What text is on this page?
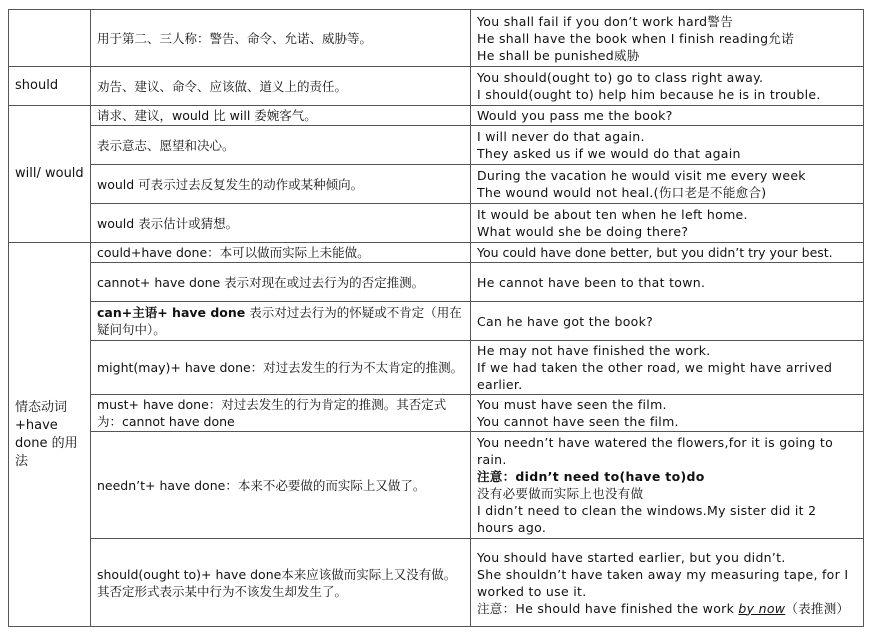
	用于第二、三人称：警告、命令、允诺、威胁等。	You shall fail if you don’t work hard警告
He shall have the book when I finish reading允诺
He shall be punished威胁

should	劝告、建议、命令、应该做、道义上的责任。	You should(ought to) go to class right away.
I should(ought to) help him because he is in trouble.

will/ would	请求、建议，would 比 will 委婉客气。	Would you pass me the book?

	表示意志、愿望和决心。	I will never do that again.
They asked us if we would do that again

	would 可表示过去反复发生的动作或某种倾向。	During the vacation he would visit me every week
The wound would not heal.(伤口老是不能愈合)

	would 表示估计或猜想。	It would be about ten when he left home.
What would she be doing there?

情态动词+have done 的用法	could+have done：本可以做而实际上未能做。	You could have done better, but you didn’t try your best.

	cannot+ have done 表示对现在或过去行为的否定推测。	He cannot have been to that town.

	can+主语+ have done 表示对过去行为的怀疑或不肯定（用在疑问句中）。	Can he have got the book?

	might(may)+ have done：对过去发生的行为不太肯定的推测。	He may not have finished the work.
If we had taken the other road, we might have arrived earlier.

	must+ have done：对过去发生的行为肯定的推测。其否定式为：cannot have done	You must have seen the film.
You cannot have seen the film.

	needn’t+ have done：本来不必要做的而实际上又做了。	You needn’t have watered the flowers,for it is going to rain.
注意：didn’t need to(have to)do
没有必要做而实际上也没有做
I didn’t need to clean the windows.My sister did it 2 hours ago.

	should(ought to)+ have done本来应该做而实际上又没有做。其否定形式表示某中行为不该发生却发生了。	You should have started earlier, but you didn’t.
She shouldn’t have taken away my measuring tape, for I worked to use it.
注意：He should have finished the work by now（表推测）
